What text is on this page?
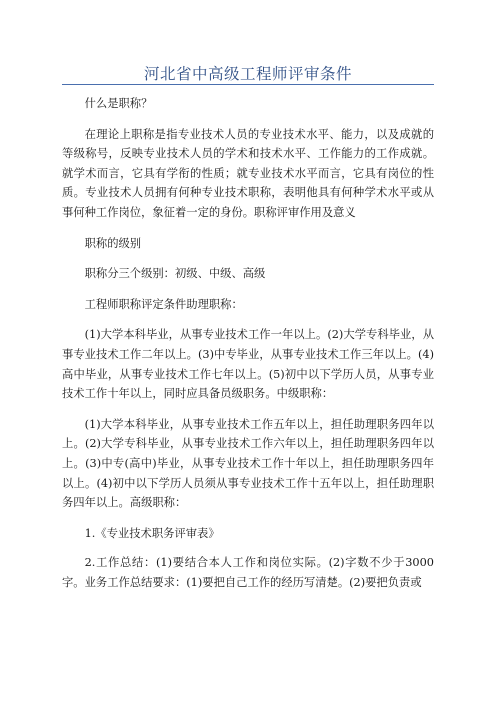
河北省中高级工程师评审条件

什么是职称？

在理论上职称是指专业技术人员的专业技术水平、能力，以及成就的等级称号，反映专业技术人员的学术和技术水平、工作能力的工作成就。就学术而言，它具有学衔的性质；就专业技术水平而言，它具有岗位的性质。专业技术人员拥有何种专业技术职称，表明他具有何种学术水平或从事何种工作岗位，象征着一定的身份。职称评审作用及意义

职称的级别

职称分三个级别：初级、中级、高级

工程师职称评定条件助理职称：

(1)大学本科毕业，从事专业技术工作一年以上。(2)大学专科毕业，从事专业技术工作二年以上。(3)中专毕业，从事专业技术工作三年以上。(4)高中毕业，从事专业技术工作七年以上。(5)初中以下学历人员，从事专业技术工作十年以上，同时应具备员级职务。中级职称：

(1)大学本科毕业，从事专业技术工作五年以上，担任助理职务四年以上。(2)大学专科毕业，从事专业技术工作六年以上，担任助理职务四年以上。(3)中专(高中)毕业，从事专业技术工作十年以上，担任助理职务四年以上。(4)初中以下学历人员须从事专业技术工作十五年以上，担任助理职务四年以上。高级职称：

1.《专业技术职务评审表》

2.工作总结：(1)要结合本人工作和岗位实际。(2)字数不少于3000字。业务工作总结要求：(1)要把自己工作的经历写清楚。(2)要把负责或
